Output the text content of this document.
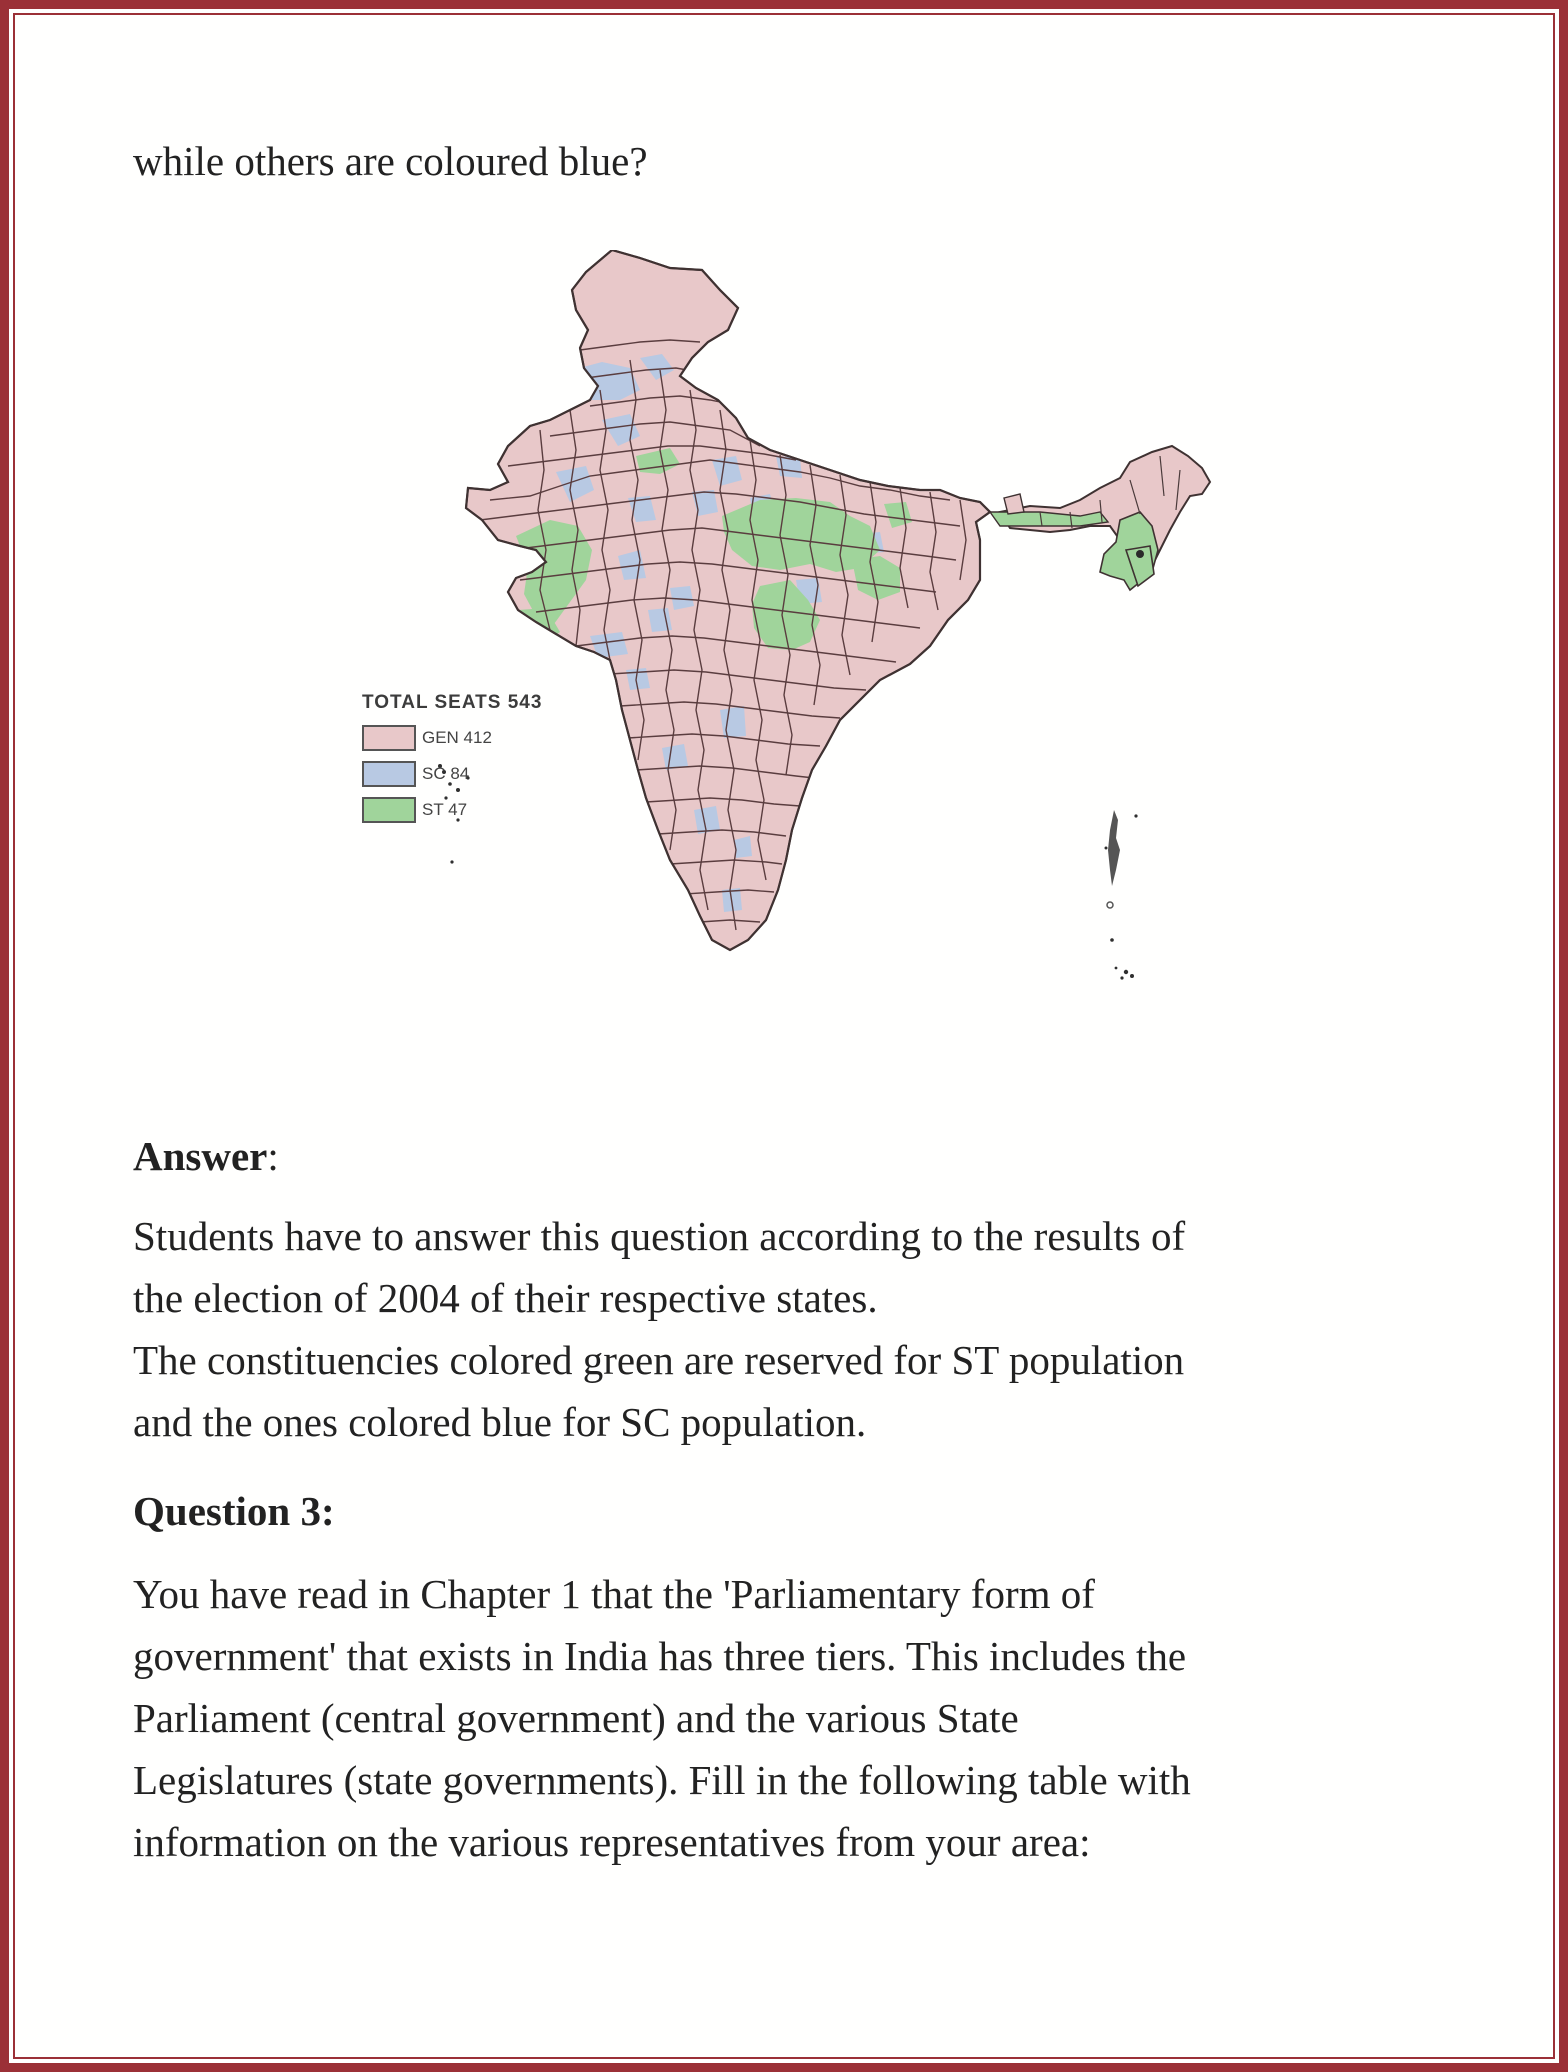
while others are coloured blue?
TOTAL SEATS 543
GEN 412
SC 84
ST 47
Answer:
Students have to answer this question according to the results of
the election of 2004 of their respective states.
The constituencies colored green are reserved for ST population
and the ones colored blue for SC population.
Question 3:
You have read in Chapter 1 that the 'Parliamentary form of
government' that exists in India has three tiers. This includes the
Parliament (central government) and the various State
Legislatures (state governments). Fill in the following table with
information on the various representatives from your area:
